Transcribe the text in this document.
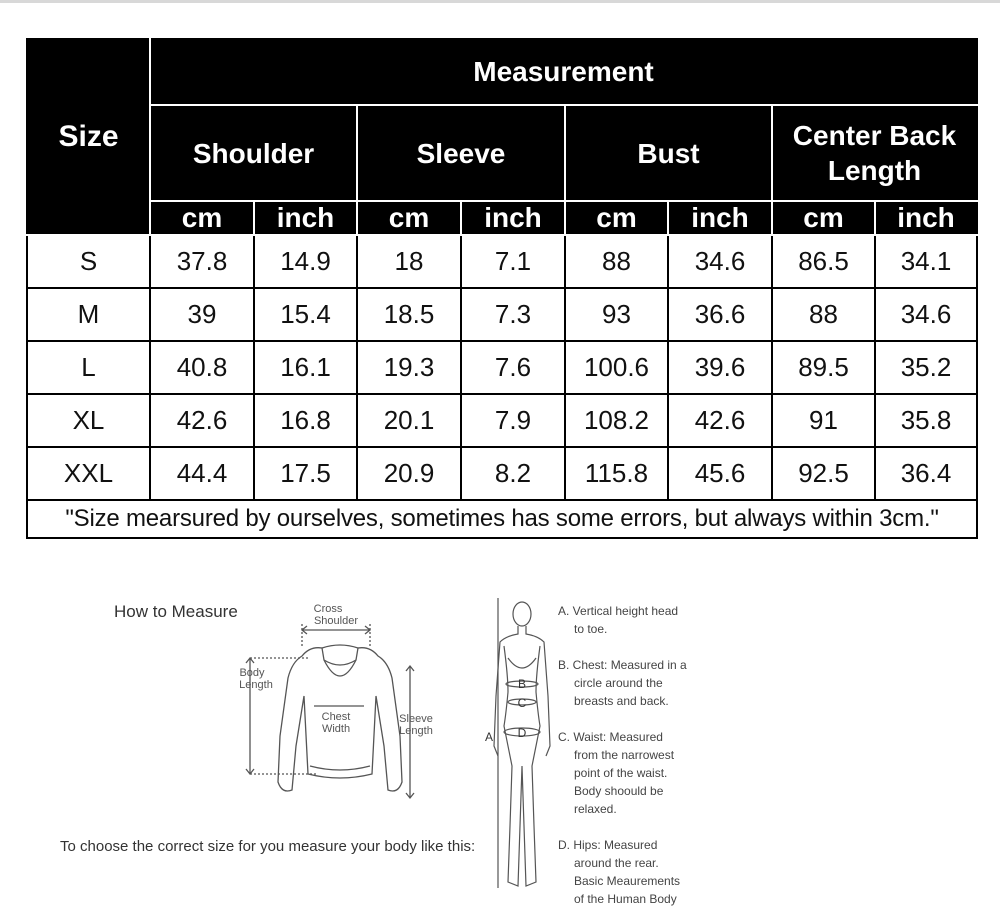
Size	Measurement							
	Shoulder		Sleeve		Bust		Center Back
Length	

	cm	inch	cm	inch	cm	inch	cm	inch
S	37.8	14.9	18	7.1	88	34.6	86.5	34.1
M	39	15.4	18.5	7.3	93	36.6	88	34.6
L	40.8	16.1	19.3	7.6	100.6	39.6	89.5	35.2
XL	42.6	16.8	20.1	7.9	108.2	42.6	91	35.8
XXL	44.4	17.5	20.9	8.2	115.8	45.6	92.5	36.4
"Size mearsured by ourselves, sometimes has some errors, but always within 3cm."								
How to Measure	Cross
Shoulder
Body
Length
Chest
Width
Sleeve
Length
To choose the correct size for you measure your body like this:
B
C
D
A
A. Vertical height head
to toe.
B. Chest: Measured in a
circle around the
breasts and back.
C. Waist: Measured
from the narrowest
point of the waist.
Body shoould be
relaxed.
D. Hips: Measured
around the rear.
Basic Meaurements
of the Human Body
